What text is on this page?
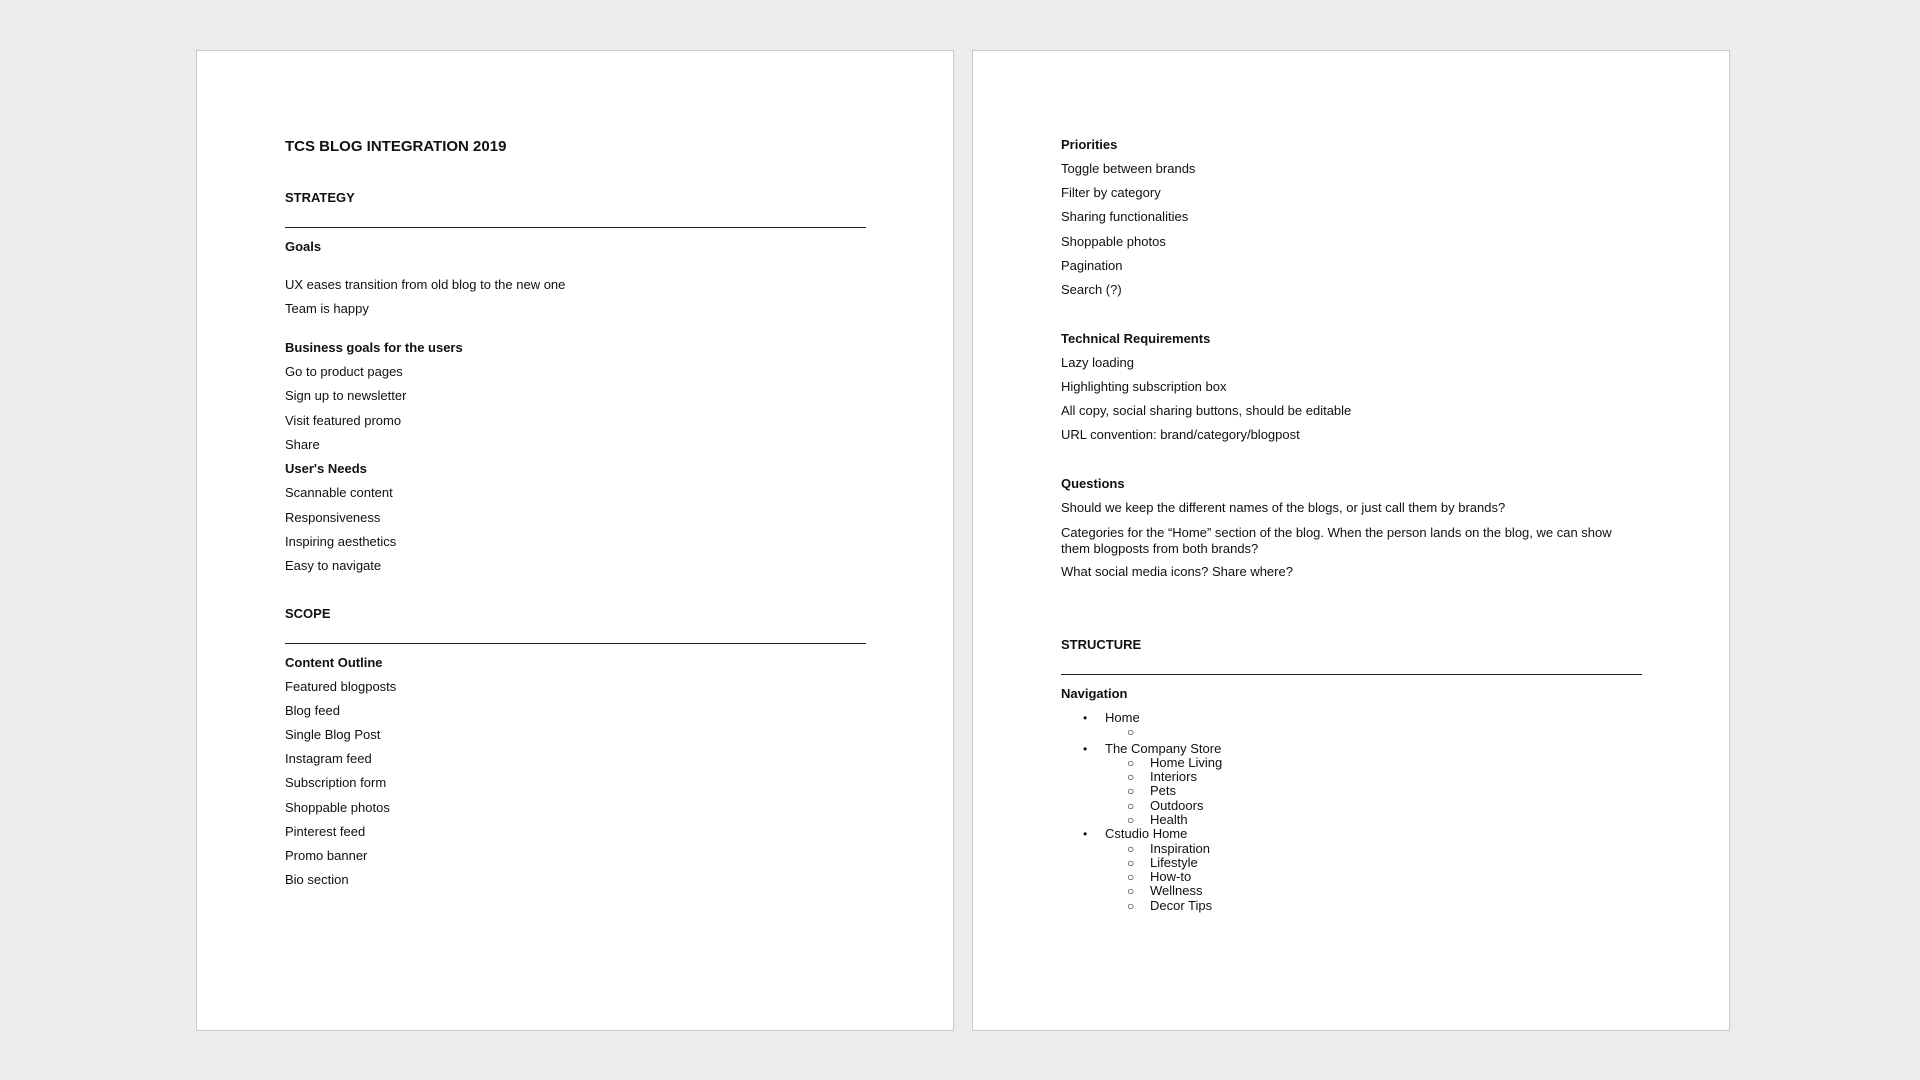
TCS BLOG INTEGRATION 2019

STRATEGY

Goals

UX eases transition from old blog to the new one

Team is happy

Business goals for the users

Go to product pages

Sign up to newsletter

Visit featured promo

Share

User's Needs

Scannable content

Responsiveness

Inspiring aesthetics

Easy to navigate

SCOPE

Content Outline

Featured blogposts

Blog feed

Single Blog Post

Instagram feed

Subscription form

Shoppable photos

Pinterest feed

Promo banner

Bio section

Priorities

Toggle between brands

Filter by category

Sharing functionalities

Shoppable photos

Pagination

Search (?)

Technical Requirements

Lazy loading

Highlighting subscription box

All copy, social sharing buttons, should be editable

URL convention: brand/category/blogpost

Questions

Should we keep the different names of the blogs, or just call them by brands?

Categories for the “Home” section of the blog. When the person lands on the blog, we can show them blogposts from both brands?

What social media icons? Share where?

STRUCTURE

Navigation

• Home

○
• The Company Store

○ Home Living

○ Interiors

○ Pets

○ Outdoors

○ Health

• Cstudio Home

○ Inspiration

○ Lifestyle

○ How-to

○ Wellness

○ Decor Tips
